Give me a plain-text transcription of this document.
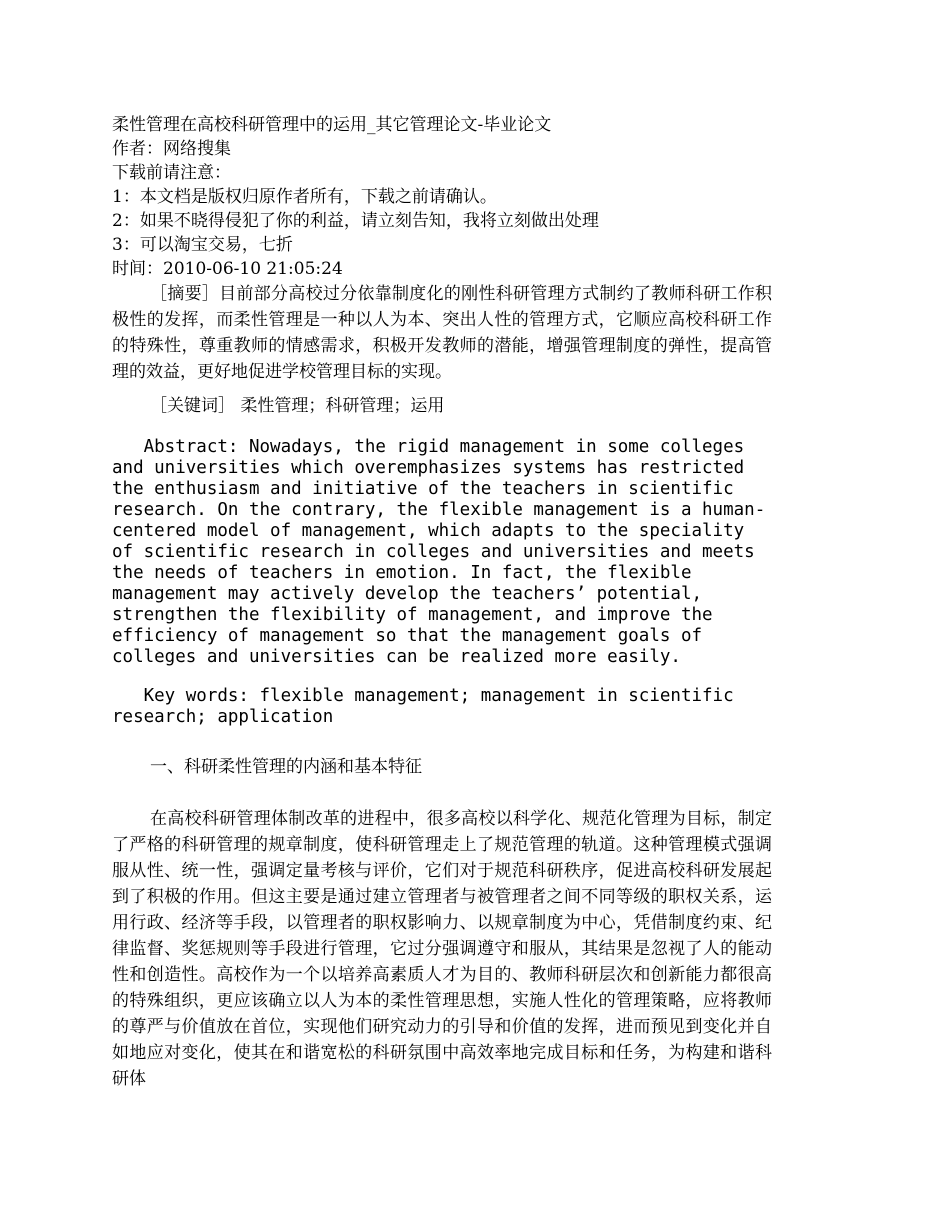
柔性管理在高校科研管理中的运用_其它管理论文-毕业论文
作者：网络搜集
下载前请注意：
1：本文档是版权归原作者所有，下载之前请确认。
2：如果不晓得侵犯了你的利益，请立刻告知，我将立刻做出处理
3：可以淘宝交易，七折
时间：2010-06-10 21:05:24
［摘要］目前部分高校过分依靠制度化的刚性科研管理方式制约了教师科研工作积极性的发挥，而柔性管理是一种以人为本、突出人性的管理方式，它顺应高校科研工作的特殊性，尊重教师的情感需求，积极开发教师的潜能，增强管理制度的弹性，提高管理的效益，更好地促进学校管理目标的实现。
［关键词］ 柔性管理；科研管理；运用
Abstract: Nowadays, the rigid management in some colleges and universities which overemphasizes systems has restricted the enthusiasm and initiative of the teachers in scientific research. On the contrary, the flexible management is a human-centered model of management, which adapts to the speciality of scientific research in colleges and universities and meets the needs of teachers in emotion. In fact, the flexible management may actively develop the teachers’ potential, strengthen the flexibility of management, and improve the efficiency of management so that the management goals of colleges and universities can be realized more easily.
Key words: flexible management; management in scientific research; application
一、科研柔性管理的内涵和基本特征
在高校科研管理体制改革的进程中，很多高校以科学化、规范化管理为目标，制定了严格的科研管理的规章制度，使科研管理走上了规范管理的轨道。这种管理模式强调服从性、统一性，强调定量考核与评价，它们对于规范科研秩序，促进高校科研发展起到了积极的作用。但这主要是通过建立管理者与被管理者之间不同等级的职权关系，运用行政、经济等手段，以管理者的职权影响力、以规章制度为中心，凭借制度约束、纪律监督、奖惩规则等手段进行管理，它过分强调遵守和服从，其结果是忽视了人的能动性和创造性。高校作为一个以培养高素质人才为目的、教师科研层次和创新能力都很高的特殊组织，更应该确立以人为本的柔性管理思想，实施人性化的管理策略，应将教师的尊严与价值放在首位，实现他们研究动力的引导和价值的发挥，进而预见到变化并自如地应对变化，使其在和谐宽松的科研氛围中高效率地完成目标和任务，为构建和谐科研体
